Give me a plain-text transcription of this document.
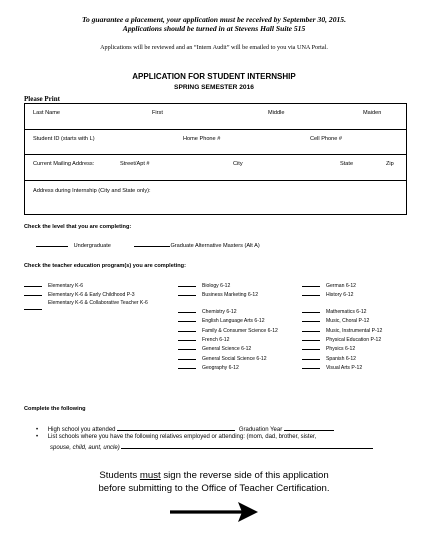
To guarantee a placement, your application must be received by September 30, 2015.
Applications should be turned in at Stevens Hall Suite 515
Applications will be reviewed and an “Intern Audit” will be emailed to you via UNA Portal.
APPLICATION FOR STUDENT INTERNSHIP
SPRING SEMESTER 2016
Please Print
Last Name	First	Middle	Maiden
Student ID (starts with L)	Home Phone #	Cell Phone #
Current Mailing Address:	Street/Apt #	City	State	Zip
Address during Internship (City and State only):
Check the level that you are completing:
Undergraduate	Graduate Alternative Masters (Alt A)
Check the teacher education program(s) you are completing:
Elementary K-6
Elementary K-6 & Early Childhood P-3
Elementary K-6 & Collaborative Teacher K-6
Biology 6-12
Business Marketing 6-12
Chemistry 6-12
English Language Arts 6-12
Family & Consumer Science 6-12
French 6-12
General Science 6-12
General Social Science 6-12
Geography 6-12
German 6-12
History 6-12
Mathematics 6-12
Music, Choral P-12
Music, Instrumental P-12
Physical Education P-12
Physics 6-12
Spanish 6-12
Visual Arts P-12
Complete the following
• High school you attended	Graduation Year
• List schools where you have the following relatives employed or attending: (mom, dad, brother, sister,
spouse, child, aunt, uncle)
Students must sign the reverse side of this application
before submitting to the Office of Teacher Certification.
